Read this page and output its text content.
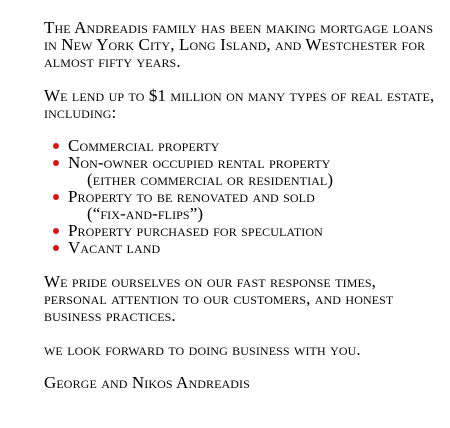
The Andreadis family has been making mortgage loans in New York City, Long Island, and Westchester for almost fifty years.

We lend up to $1 million on many types of real estate, including:

Commercial property
Non-owner occupied rental property
(either commercial or residential)
Property to be renovated and sold
(“fix-and-flips”)
Property purchased for speculation
Vacant land

We pride ourselves on our fast response times, personal attention to our customers, and honest business practices.

we look forward to doing business with you.

George and Nikos Andreadis
